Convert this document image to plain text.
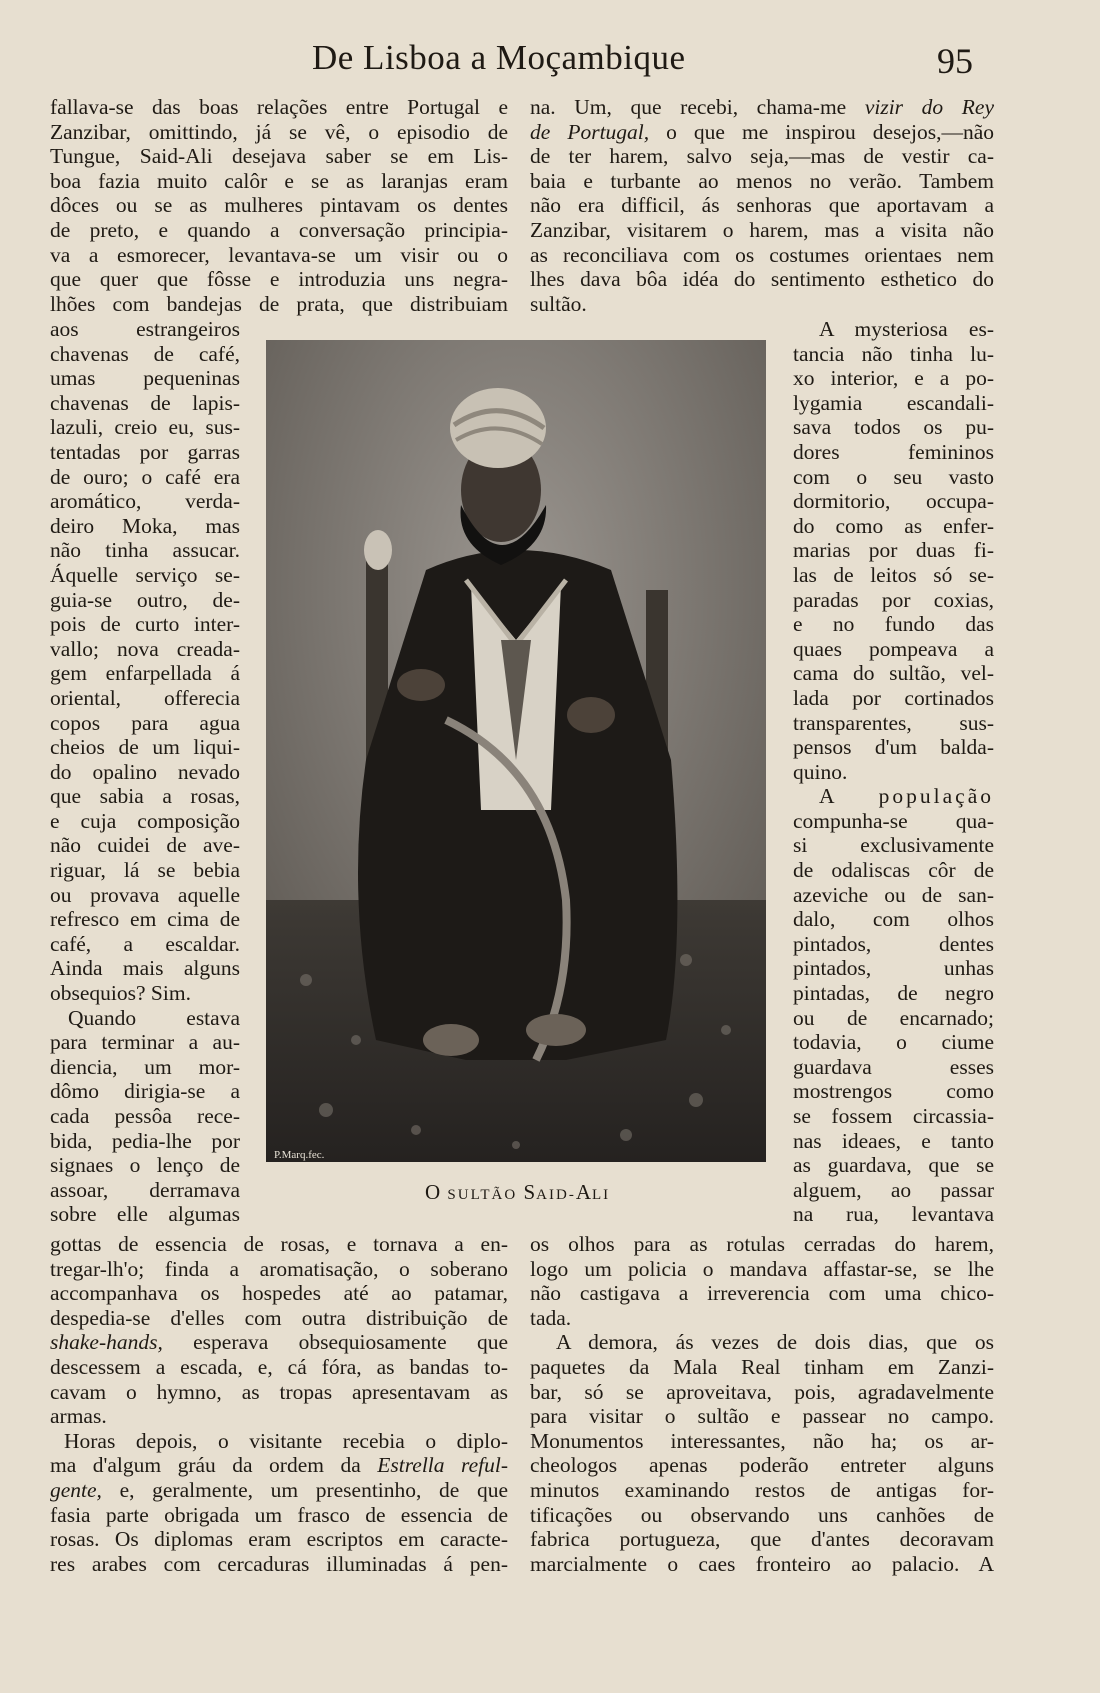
De Lisboa a Moçambique	95

fallava-se das boas relações entre Portugal e
Zanzibar, omittindo, já se vê, o episodio de
Tungue, Said-Ali desejava saber se em Lis-
boa fazia muito calôr e se as laranjas eram
dôces ou se as mulheres pintavam os dentes
de preto, e quando a conversação principia-
va a esmorecer, levantava-se um visir ou o
que quer que fôsse e introduzia uns negra-
lhões com bandejas de prata, que distribuiam

aos estrangeiros
chavenas de café,
umas pequeninas
chavenas de lapis-
lazuli, creio eu, sus-
tentadas por garras
de ouro; o café era
aromático, verda-
deiro Moka, mas
não tinha assucar.
Áquelle serviço se-
guia-se outro, de-
pois de curto inter-
vallo; nova creada-
gem enfarpellada á
oriental, offerecia
copos para agua
cheios de um liqui-
do opalino nevado
que sabia a rosas,
e cuja composição
não cuidei de ave-
riguar, lá se bebia
ou provava aquelle
refresco em cima de
café, a escaldar.
Ainda mais alguns
obsequios? Sim.

Quando estava
para terminar a au-
diencia, um mor-
dômo dirigia-se a
cada pessôa rece-
bida, pedia-lhe por
signaes o lenço de
assoar, derramava
sobre elle algumas

gottas de essencia de rosas, e tornava a en-
tregar-lh'o; finda a aromatisação, o soberano
accompanhava os hospedes até ao patamar,
despedia-se d'elles com outra distribuição de
shake-hands, esperava obsequiosamente que
descessem a escada, e, cá fóra, as bandas to-
cavam o hymno, as tropas apresentavam as
armas.

Horas depois, o visitante recebia o diplo-
ma d'algum gráu da ordem da Estrella reful-
gente, e, geralmente, um presentinho, de que
fasia parte obrigada um frasco de essencia de
rosas. Os diplomas eram escriptos em caracte-
res arabes com cercaduras illuminadas á pen-

na. Um, que recebi, chama-me vizir do Rey
de Portugal, o que me inspirou desejos,—não
de ter harem, salvo seja,—mas de vestir ca-
baia e turbante ao menos no verão. Tambem
não era difficil, ás senhoras que aportavam a
Zanzibar, visitarem o harem, mas a visita não
as reconciliava com os costumes orientaes nem
lhes dava bôa idéa do sentimento esthetico do
sultão.

A mysteriosa es-
tancia não tinha lu-
xo interior, e a po-
lygamia escandali-
sava todos os pu-
dores femininos
com o seu vasto
dormitorio, occupa-
do como as enfer-
marias por duas fi-
las de leitos só se-
paradas por coxias,
e no fundo das
quaes pompeava a
cama do sultão, vel-
lada por cortinados
transparentes, sus-
pensos d'um balda-
quino.

A população
compunha-se qua-
si exclusivamente
de odaliscas côr de
azeviche ou de san-
dalo, com olhos
pintados, dentes
pintados, unhas
pintadas, de negro
ou de encarnado;
todavia, o ciume
guardava esses
mostrengos como
se fossem circassia-
nas ideaes, e tanto
as guardava, que se
alguem, ao passar
na rua, levantava

os olhos para as rotulas cerradas do harem,
logo um policia o mandava affastar-se, se lhe
não castigava a irreverencia com uma chico-
tada.

A demora, ás vezes de dois dias, que os
paquetes da Mala Real tinham em Zanzi-
bar, só se aproveitava, pois, agradavelmente
para visitar o sultão e passear no campo.
Monumentos interessantes, não ha; os ar-
cheologos apenas poderão entreter alguns
minutos examinando restos de antigas for-
tificações ou observando uns canhões de
fabrica portugueza, que d'antes decoravam
marcialmente o caes fronteiro ao palacio. A

P.Marq.fec.
O SULTÃO SAID-ALI
